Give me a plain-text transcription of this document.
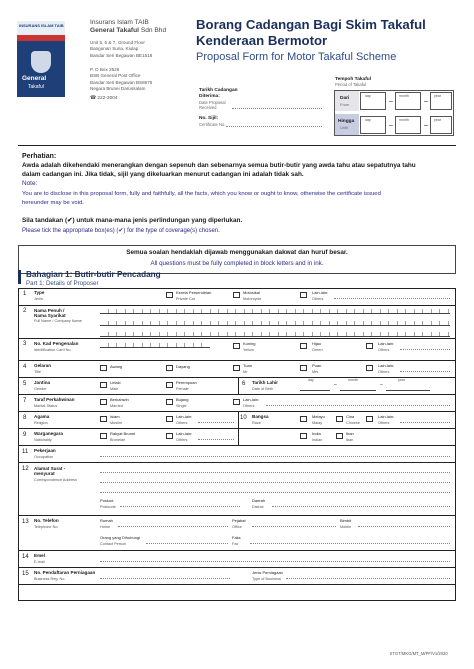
INSURANS ISLAM TAIB
General
Takaful
Insurans Islam TAIB
General Takaful Sdn Bhd
Unit 5, 6 & 7, Ground Floor
Bangunan Suria, Kiulap
Bandar Seri Begawan BE1518
P. O Box 2526
BSB General Post Office
Bandar Seri Begawan BS8675
Negara Brunei Darussalam
☎ 222-3004
Borang Cadangan Bagi Skim Takaful
Kenderaan Bermotor
Proposal Form for Motor Takaful Scheme
Tarikh Cadangan
Diterima:
Date Proposal
Received
No. Sijil:
Certificate No.
Tempoh Takaful
Period of Takaful
Dari
From
Hingga
Until
day
–
month
–
year
day
–
month
–
year
Perhatian:
Awda adalah dikehendaki menerangkan dengan sepenuh dan sebenarnya semua butir-butir yang awda tahu atau sepatutnya tahu
dalam cadangan ini. Jika tidak, sijil yang dikeluarkan menurut cadangan ini adalah tidak sah.
Note:
You are to disclose in this proposal form, fully and faithfully, all the facts, which you know or ought to know, otherwise the certificate issued
hereunder may be void.
Sila tandakan (✔) untuk mana-mana jenis perlindungan yang diperlukan.
Please tick the appropriate box(es) (✔) for the type of coverage(s) chosen.
Semua soalan hendaklah dijawab menggunakan dakwat dan huruf besar.
All questions must be fully completed in block letters and in ink.
Bahagian 1: Butir-butir Pencadang
Part 1: Details of Proposer
1 Type
Jenis
Kereta Persendirian
Private Car
Motosikal
Motorcycle
Lain-lain:
Others
2 Nama Penuh /
Nama Syarikat
Full Name / Company Name
3 No. Kad Pengenalan
Identification Card No.
Kuning
Yellow
Hijau
Green
Lain-lain:
Others
4 Gelaran
Title
Awang	Dayang	Tuan
Mr
Puan
Mrs
Lain-lain:
Others
5 Jantina
Gender
Lelaki
Male
Perempuan
Female
6 Tarikh Lahir
Date of Birth
day
–
month
–
year
7 Taraf Perkahwinan
Marital Status
Berkahwin
Married
Bujang
Single
Lain-lain:
Others
8 Agama
Religion
Islam
Muslim
Lain-lain:
Others
10 Bangsa
Race
Melayu
Malay
Cina
Chinese
Lain-lain:
Others
9 Warganegara
Nationality
Rakyat Brunei
Bruneian
Lain-lain:
Others
India
Indian
Iban
Iban
11 Pekerjaan
Occupation
12 Alamat Surat -
menyurat
Correspondence Address
Poskod
Postcode
Daerah
District
13 No. Telefon
Telephone No.
Rumah
Home
Pejabat
Office
Bimbit
Mobile
Orang yang Dihubungi
Contact Person
Faks
Fax
14 Emel
E-mail
15 No. Pendaftaran Perniagaan
Business Reg. No.
Jenis Perniagaan
Type of Business
IITGT/MKG/MT_M/PF/V1/2020
